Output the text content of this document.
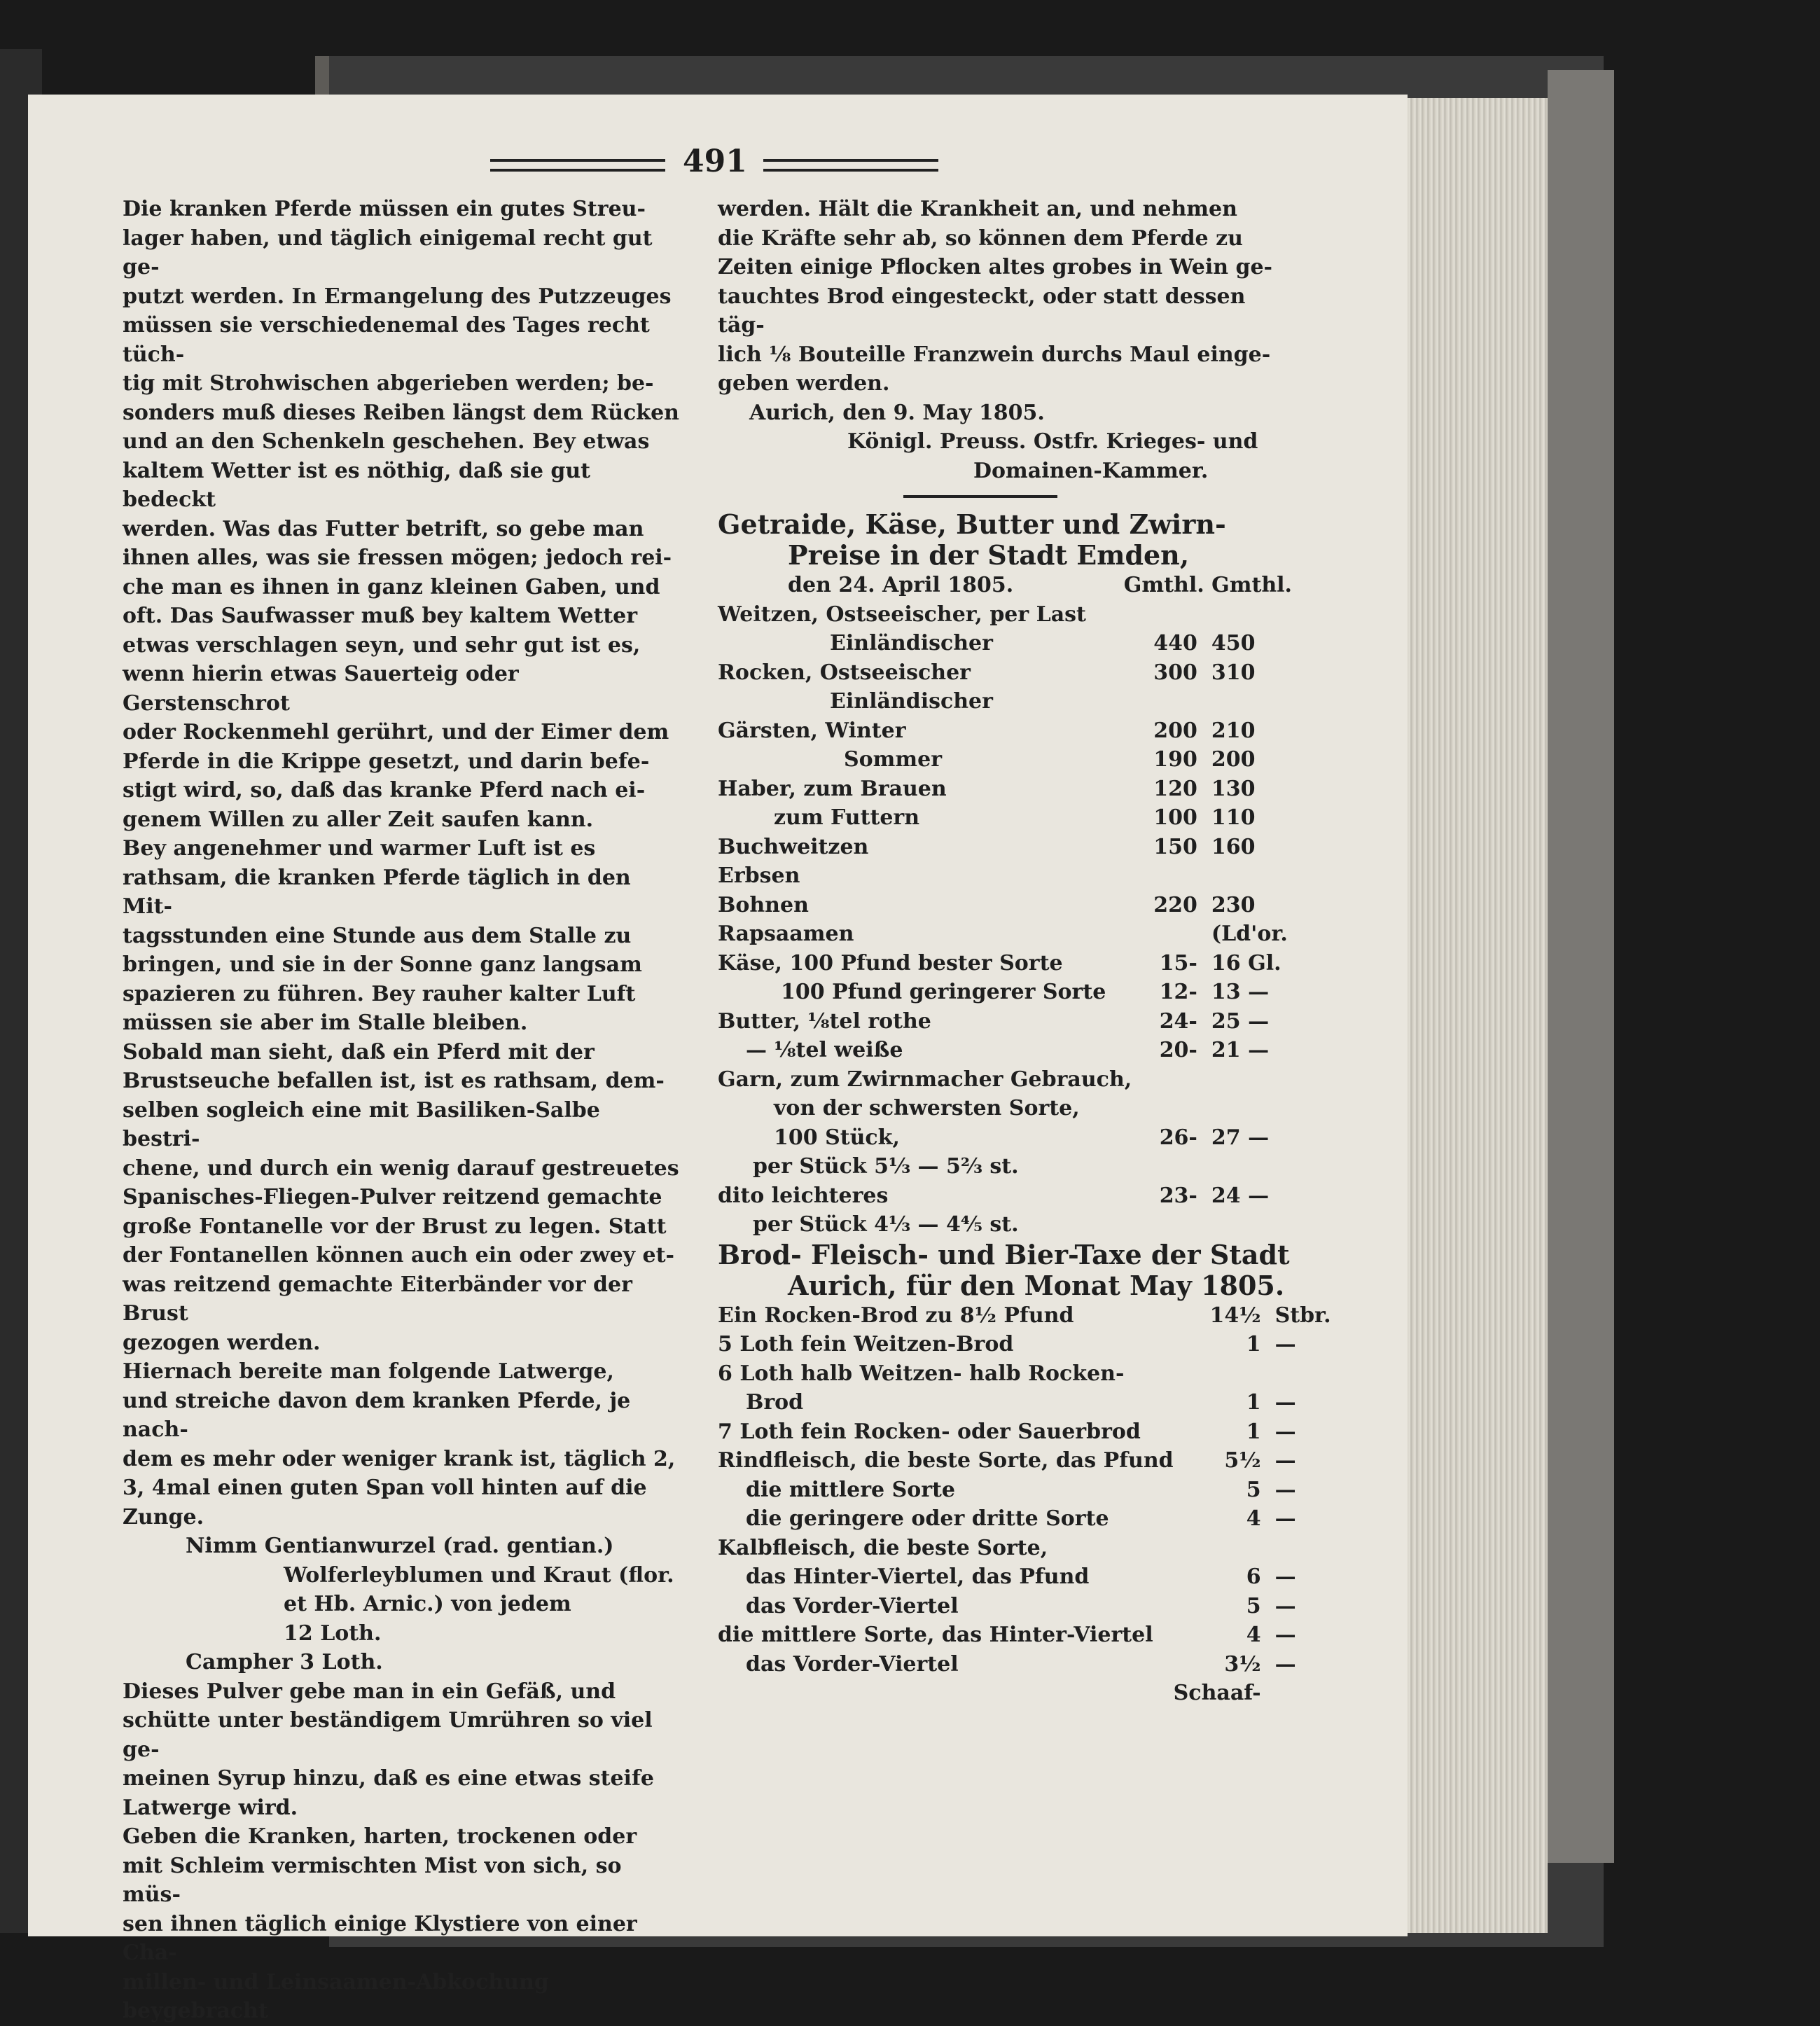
491

Die kranken Pferde müssen ein gutes Streu-

lager haben, und täglich einigemal recht gut ge-

putzt werden. In Ermangelung des Putzzeuges

müssen sie verschiedenemal des Tages recht tüch-

tig mit Strohwischen abgerieben werden; be-

sonders muß dieses Reiben längst dem Rücken

und an den Schenkeln geschehen. Bey etwas

kaltem Wetter ist es nöthig, daß sie gut bedeckt

werden. Was das Futter betrift, so gebe man

ihnen alles, was sie fressen mögen; jedoch rei-

che man es ihnen in ganz kleinen Gaben, und

oft. Das Saufwasser muß bey kaltem Wetter

etwas verschlagen seyn, und sehr gut ist es,

wenn hierin etwas Sauerteig oder Gerstenschrot

oder Rockenmehl gerührt, und der Eimer dem

Pferde in die Krippe gesetzt, und darin befe-

stigt wird, so, daß das kranke Pferd nach ei-

genem Willen zu aller Zeit saufen kann.

Bey angenehmer und warmer Luft ist es

rathsam, die kranken Pferde täglich in den Mit-

tagsstunden eine Stunde aus dem Stalle zu

bringen, und sie in der Sonne ganz langsam

spazieren zu führen. Bey rauher kalter Luft

müssen sie aber im Stalle bleiben.

Sobald man sieht, daß ein Pferd mit der

Brustseuche befallen ist, ist es rathsam, dem-

selben sogleich eine mit Basiliken-Salbe bestri-

chene, und durch ein wenig darauf gestreuetes

Spanisches-Fliegen-Pulver reitzend gemachte

große Fontanelle vor der Brust zu legen. Statt

der Fontanellen können auch ein oder zwey et-

was reitzend gemachte Eiterbänder vor der Brust

gezogen werden.

Hiernach bereite man folgende Latwerge,

und streiche davon dem kranken Pferde, je nach-

dem es mehr oder weniger krank ist, täglich 2,

3, 4mal einen guten Span voll hinten auf die

Zunge.

Nimm Gentianwurzel (rad. gentian.)

Wolferleyblumen und Kraut (flor.

et Hb. Arnic.) von jedem

12 Loth.

Campher 3 Loth.

Dieses Pulver gebe man in ein Gefäß, und

schütte unter beständigem Umrühren so viel ge-

meinen Syrup hinzu, daß es eine etwas steife

Latwerge wird.

Geben die Kranken, harten, trockenen oder

mit Schleim vermischten Mist von sich, so müs-

sen ihnen täglich einige Klystiere von einer Cha-

millen- und Leinsaamen-Abkochung beygebracht

werden. Hält die Krankheit an, und nehmen

die Kräfte sehr ab, so können dem Pferde zu

Zeiten einige Pflocken altes grobes in Wein ge-

tauchtes Brod eingesteckt, oder statt dessen täg-

lich ⅛ Bouteille Franzwein durchs Maul einge-

geben werden.

Aurich, den 9. May 1805.

Königl. Preuss. Ostfr. Krieges- und

Domainen-Kammer.

Getraide, Käse, Butter und Zwirn-

Preise in der Stadt Emden,

den 24. April 1805.	Gmthl. Gmthl.
Weitzen, Ostseeischer, per Last		
Einländischer	440	450
Rocken, Ostseeischer	300	310
Einländischer		
Gärsten, Winter	200	210
Sommer	190	200
Haber, zum Brauen	120	130
zum Futtern	100	110
Buchweitzen	150	160
Erbsen		
Bohnen	220	230
Rapsaamen		(Ld'or.
Käse, 100 Pfund bester Sorte	15-	16 Gl.
100 Pfund geringerer Sorte	12-	13 —
Butter, ⅛tel rothe	24-	25 —
— ⅛tel weiße	20-	21 —
Garn, zum Zwirnmacher Gebrauch,		
von der schwersten Sorte,		
100 Stück,	26-	27 —
per Stück 5⅓ — 5⅔ st.		
dito leichteres	23-	24 —
per Stück 4⅓ — 4⅘ st.		

Brod- Fleisch- und Bier-Taxe der Stadt

Aurich, für den Monat May 1805.

Ein Rocken-Brod zu 8½ Pfund	14½	Stbr.
5 Loth fein Weitzen-Brod	1	—
6 Loth halb Weitzen- halb Rocken-		
Brod	1	—
7 Loth fein Rocken- oder Sauerbrod	1	—
Rindfleisch, die beste Sorte, das Pfund	5½	—
die mittlere Sorte	5	—
die geringere oder dritte Sorte	4	—
Kalbfleisch, die beste Sorte,		
das Hinter-Viertel, das Pfund	6	—
das Vorder-Viertel	5	—
die mittlere Sorte, das Hinter-Viertel	4	—
das Vorder-Viertel	3½	—
	Schaaf-	
